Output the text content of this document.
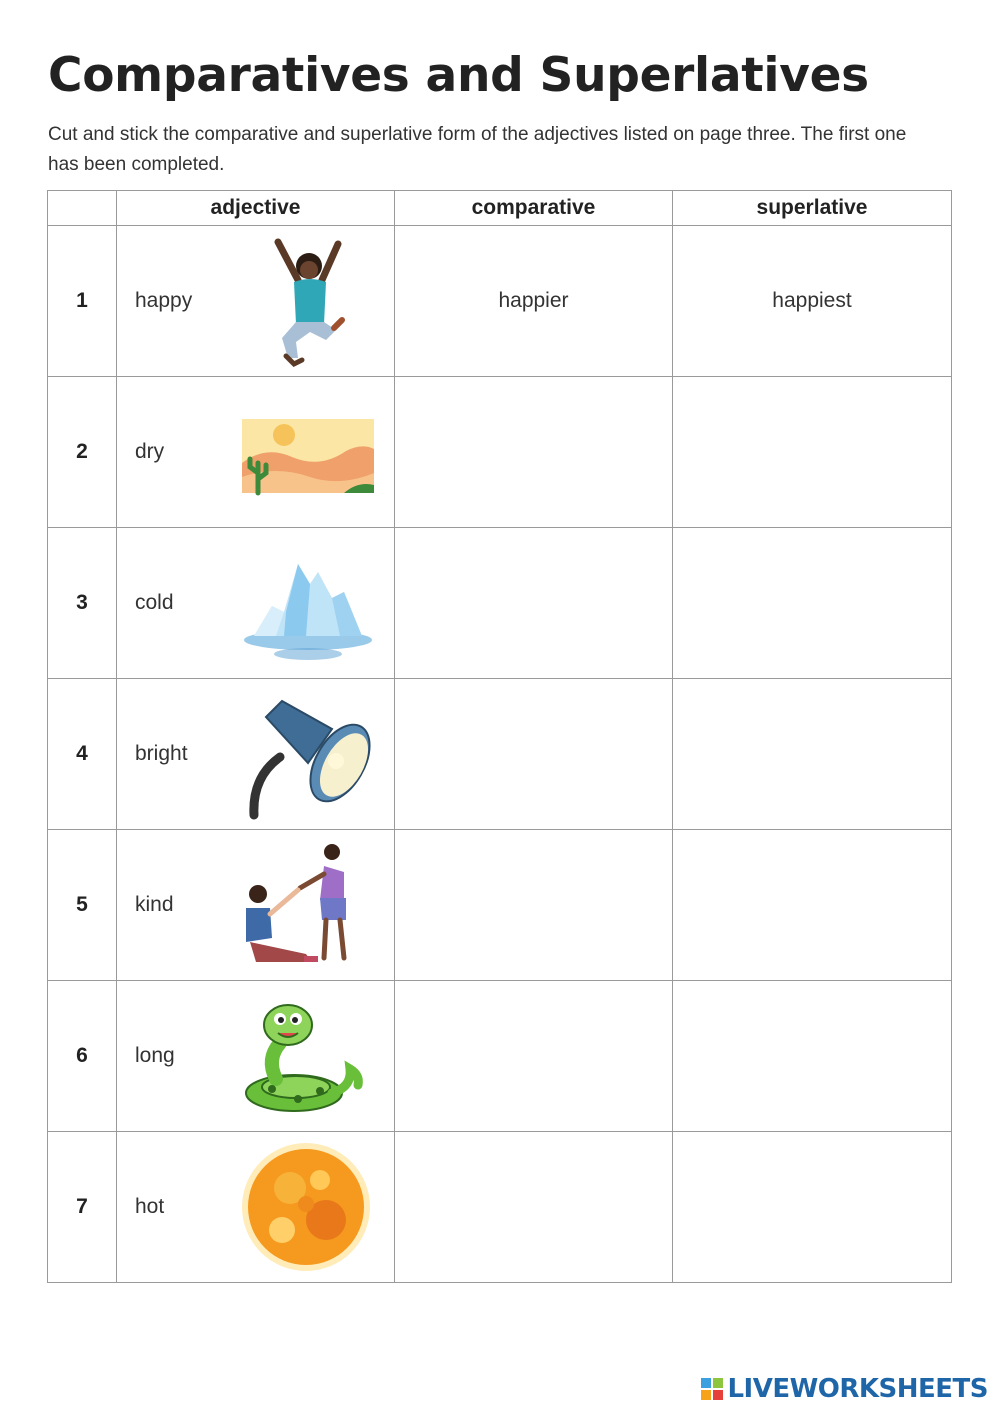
Comparatives and Superlatives

Cut and stick the comparative and superlative form of the adjectives listed on page three. The first one has been completed.

	adjective	comparative	superlative
1	happy	happier	happiest
2	dry		

3	cold		

4	bright		

5	kind		

6	long		

7	hot		

LIVEWORKSHEETS
